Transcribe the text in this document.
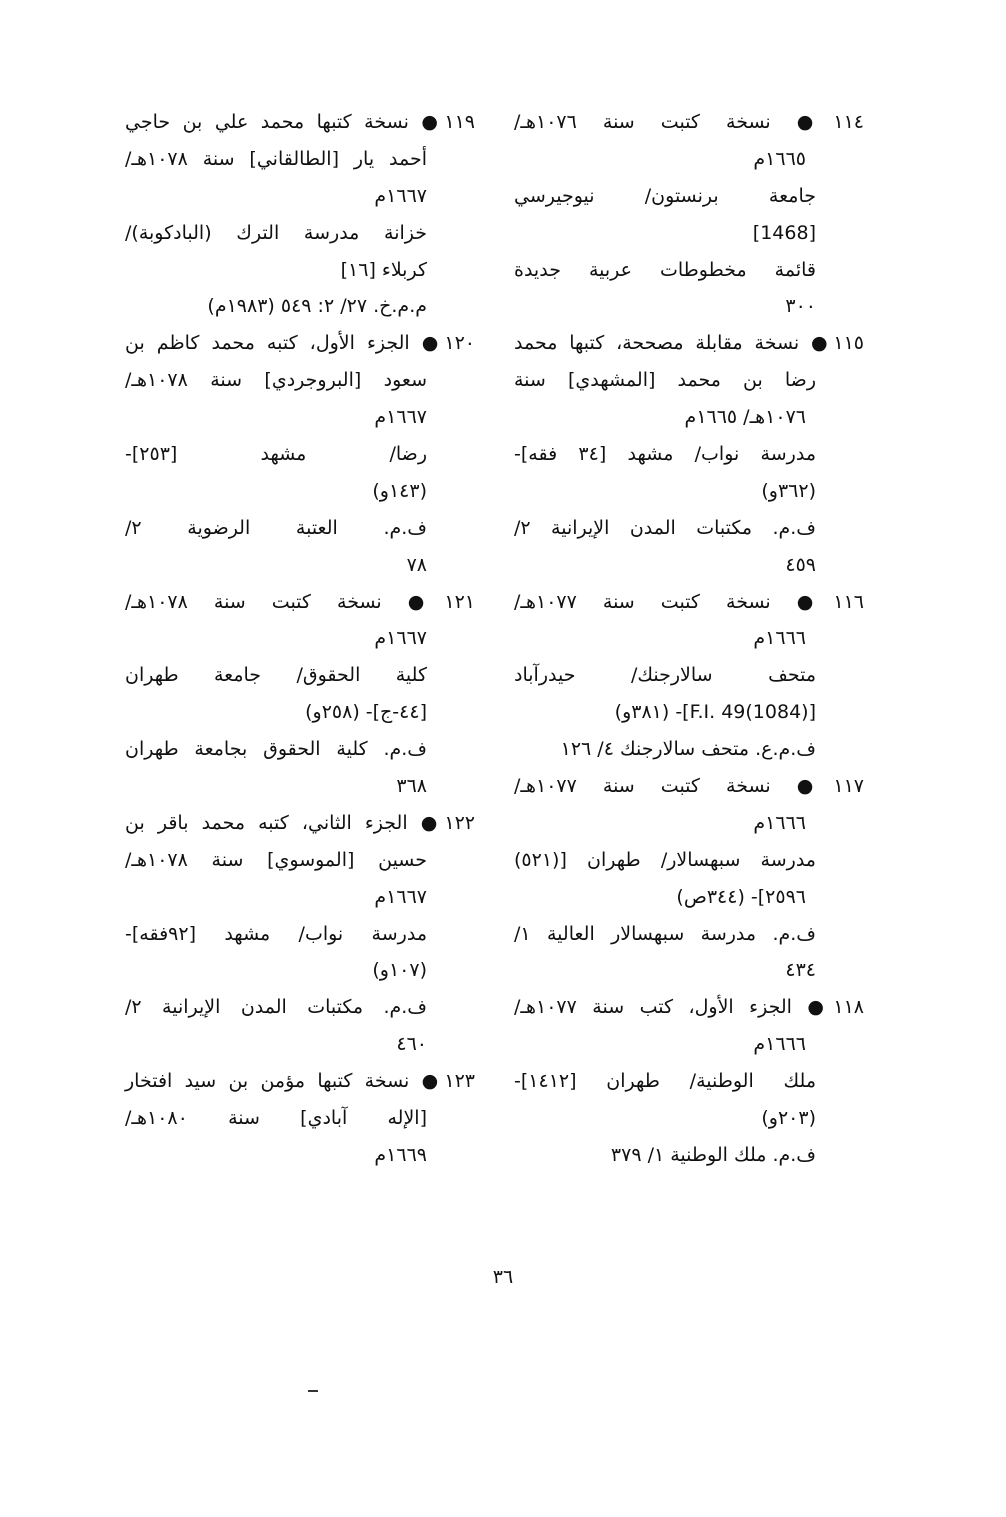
١١٤● نسخة كتبت سنة ١٠٧٦هـ/
١٦٦٥م
جامعة برنستون/ نيوجيرسي
[1468]
قائمة مخطوطات عربية جديدة
٣٠٠
١١٥● نسخة مقابلة مصححة، كتبها محمد
رضا بن محمد [المشهدي] سنة
١٠٧٦هـ/ ١٦٦٥م
مدرسة نواب/ مشهد [٣٤ فقه]-
(٣٦٢و)
ف.م. مكتبات المدن الإيرانية ٢/
٤٥٩
١١٦● نسخة كتبت سنة ١٠٧٧هـ/
١٦٦٦م
متحف سالارجنك/ حيدرآباد
[F.I. 49(1084)]- (٣٨١و)
ف.م.ع. متحف سالارجنك ٤/ ١٢٦
١١٧● نسخة كتبت سنة ١٠٧٧هـ/
١٦٦٦م
مدرسة سبهسالار/ طهران [(٥٢١)
٢٥٩٦]- (٣٤٤ص)
ف.م. مدرسة سبهسالار العالية ١/
٤٣٤
١١٨● الجزء الأول، كتب سنة ١٠٧٧هـ/
١٦٦٦م
ملك الوطنية/ طهران [١٤١٢]-
(٢٠٣و)
ف.م. ملك الوطنية ١/ ٣٧٩
١١٩● نسخة كتبها محمد علي بن حاجي
أحمد يار [الطالقاني] سنة ١٠٧٨هـ/
١٦٦٧م
خزانة مدرسة الترك (البادكوبة)/
كربلاء [١٦]
م.م.خ. ٢٧/ ٢: ٥٤٩ (١٩٨٣م)
١٢٠● الجزء الأول، كتبه محمد كاظم بن
سعود [البروجردي] سنة ١٠٧٨هـ/
١٦٦٧م
رضا/ مشهد [٢٥٣]-
(١٤٣و)
ف.م. العتبة الرضوية ٢/
٧٨
١٢١● نسخة كتبت سنة ١٠٧٨هـ/
١٦٦٧م
كلية الحقوق/ جامعة طهران
[٤٤-ج]- (٢٥٨و)
ف.م. كلية الحقوق بجامعة طهران
٣٦٨
١٢٢● الجزء الثاني، كتبه محمد باقر بن
حسين [الموسوي] سنة ١٠٧٨هـ/
١٦٦٧م
مدرسة نواب/ مشهد [٩٢فقه]-
(١٠٧و)
ف.م. مكتبات المدن الإيرانية ٢/
٤٦٠
١٢٣● نسخة كتبها مؤمن بن سيد افتخار
[الإله آبادي] سنة ١٠٨٠هـ/
١٦٦٩م
٣٦
